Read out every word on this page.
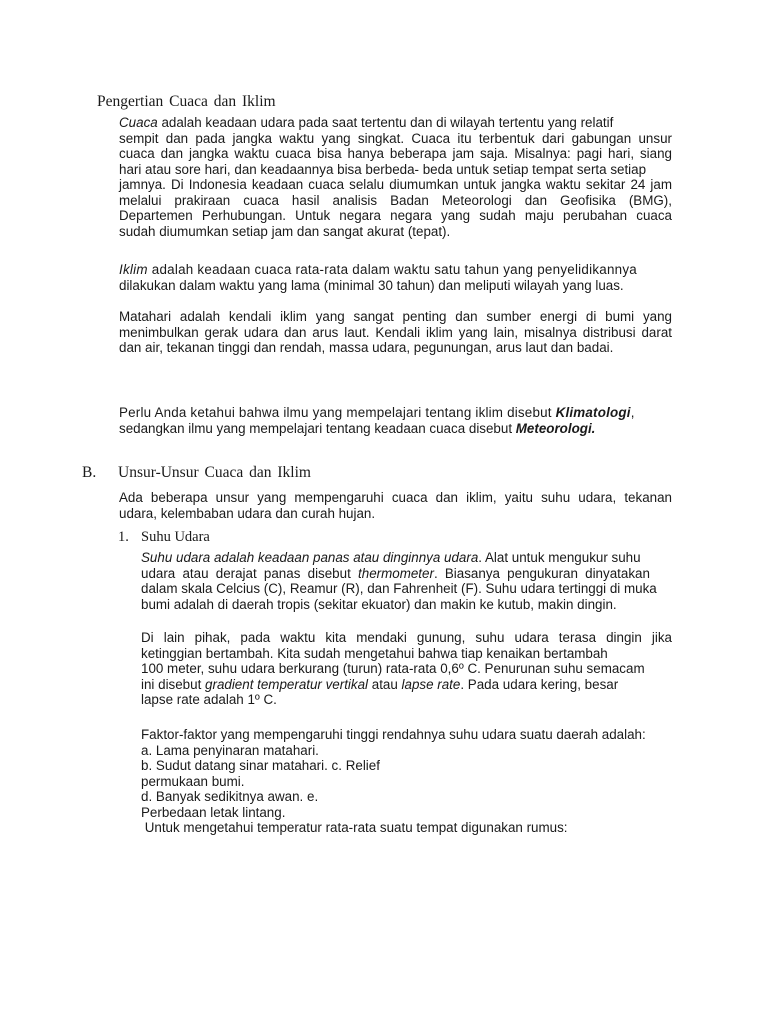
Pengertian Cuaca dan Iklim
Cuaca adalah keadaan udara pada saat tertentu dan di wilayah tertentu yang relatif
sempit dan pada jangka waktu yang singkat. Cuaca itu terbentuk dari gabungan unsur
cuaca dan jangka waktu cuaca bisa hanya beberapa jam saja. Misalnya: pagi hari, siang
hari atau sore hari, dan keadaannya bisa berbeda- beda untuk setiap tempat serta setiap
jamnya. Di Indonesia keadaan cuaca selalu diumumkan untuk jangka waktu sekitar 24 jam
melalui prakiraan cuaca hasil analisis Badan Meteorologi dan Geofisika (BMG),
Departemen Perhubungan. Untuk negara negara yang sudah maju perubahan cuaca
sudah diumumkan setiap jam dan sangat akurat (tepat).
Iklim adalah keadaan cuaca rata-rata dalam waktu satu tahun yang penyelidikannya
dilakukan dalam waktu yang lama (minimal 30 tahun) dan meliputi wilayah yang luas.
Matahari adalah kendali iklim yang sangat penting dan sumber energi di bumi yang
menimbulkan gerak udara dan arus laut. Kendali iklim yang lain, misalnya distribusi darat
dan air, tekanan tinggi dan rendah, massa udara, pegunungan, arus laut dan badai.
Perlu Anda ketahui bahwa ilmu yang mempelajari tentang iklim disebut Klimatologi,
sedangkan ilmu yang mempelajari tentang keadaan cuaca disebut Meteorologi.
B. Unsur-Unsur Cuaca dan Iklim
Ada beberapa unsur yang mempengaruhi cuaca dan iklim, yaitu suhu udara, tekanan
udara, kelembaban udara dan curah hujan.
1. Suhu Udara
Suhu udara adalah keadaan panas atau dinginnya udara. Alat untuk mengukur suhu
udara atau derajat panas disebut thermometer. Biasanya pengukuran dinyatakan
dalam skala Celcius (C), Reamur (R), dan Fahrenheit (F). Suhu udara tertinggi di muka
bumi adalah di daerah tropis (sekitar ekuator) dan makin ke kutub, makin dingin.
Di lain pihak, pada waktu kita mendaki gunung, suhu udara terasa dingin jika
ketinggian bertambah. Kita sudah mengetahui bahwa tiap kenaikan bertambah
100 meter, suhu udara berkurang (turun) rata-rata 0,6º C. Penurunan suhu semacam
ini disebut gradient temperatur vertikal atau lapse rate. Pada udara kering, besar
lapse rate adalah 1º C.
Faktor-faktor yang mempengaruhi tinggi rendahnya suhu udara suatu daerah adalah:
a. Lama penyinaran matahari.
b. Sudut datang sinar matahari. c. Relief
permukaan bumi.
d. Banyak sedikitnya awan. e.
Perbedaan letak lintang.
Untuk mengetahui temperatur rata-rata suatu tempat digunakan rumus:
